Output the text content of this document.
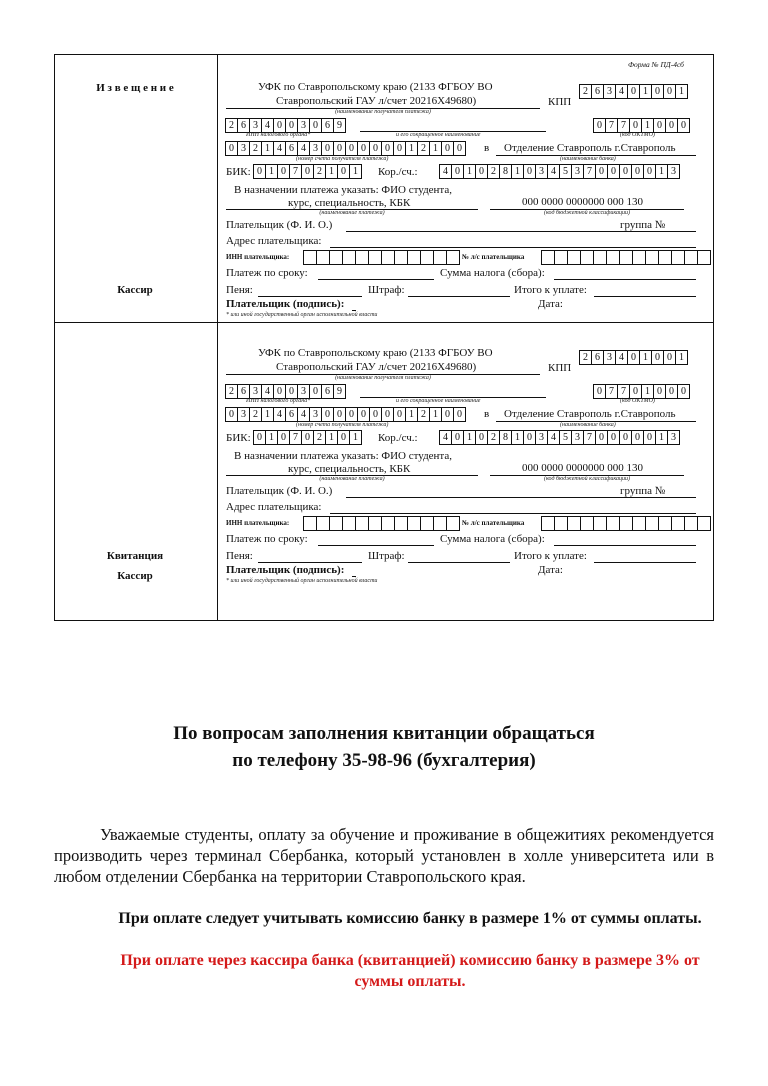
Форма № ПД-4сб
И з в е щ е н и е
Кассир
Квитанция
Кассир
УФК по Ставропольскому краю (2133 ФГБОУ ВО
Ставропольский ГАУ л/счет 20216Х49680)
(наименование получателя платежа)
КПП
2 6 3 4 0 1 0 0 1
2 6 3 4 0 0 3 0 6 9
ИНН налогового органа*	и его сокращенное наименование
0 7 7 0 1 0 0 0
(код ОКТМО)
0 3 2 1 4 6 4 3 0 0 0 0 0 0 0 1 2 1 0 0	в Отделение Ставрополь г.Ставрополь
(номер счета получателя платежа)	(наименование банка)
БИК: 0 1 0 7 0 2 1 0 1	Кор./сч.:	4 0 1 0 2 8 1 0 3 4 5 3 7 0 0 0 0 0 1 3
В назначении платежа указать: ФИО студента,
курс, специальность, КБК	000 0000 0000000 000 130
(наименование платежа)	(код бюджетной классификации)
Плательщик (Ф. И. О.)	группа №
Адрес плательщика:
ИНН плательщика:	№ л/с плательщика
Платеж по сроку:	Сумма налога (сбора):
Пеня:	Штраф:	Итого к уплате:
Плательщик (подпись):	Дата:
* или иной государственный орган исполнительной власти
УФК по Ставропольскому краю (2133 ФГБОУ ВО
Ставропольский ГАУ л/счет 20216Х49680)
(наименование получателя платежа)
КПП
2 6 3 4 0 1 0 0 1
2 6 3 4 0 0 3 0 6 9
ИНН налогового органа*	и его сокращенное наименование
0 7 7 0 1 0 0 0
(код ОКТМО)
0 3 2 1 4 6 4 3 0 0 0 0 0 0 0 1 2 1 0 0	в Отделение Ставрополь г.Ставрополь
(номер счета получателя платежа)	(наименование банка)
БИК: 0 1 0 7 0 2 1 0 1	Кор./сч.:	4 0 1 0 2 8 1 0 3 4 5 3 7 0 0 0 0 0 1 3
В назначении платежа указать: ФИО студента,
курс, специальность, КБК	000 0000 0000000 000 130
(наименование платежа)	(код бюджетной классификации)
Плательщик (Ф. И. О.)	группа №
Адрес плательщика:
ИНН плательщика:	№ л/с плательщика
Платеж по сроку:	Сумма налога (сбора):
Пеня:	Штраф:	Итого к уплате:
Плательщик (подпись):	Дата:
* или иной государственный орган исполнительной власти
По вопросам заполнения квитанции обращаться
по телефону 35-98-96 (бухгалтерия)
Уважаемые студенты, оплату за обучение и проживание в общежитиях рекомендуется производить через терминал Сбербанка, который установлен в холле университета или в любом отделении Сбербанка на территории Ставропольского края.
При оплате следует учитывать комиссию банку в размере 1% от суммы оплаты.
При оплате через кассира банка (квитанцией) комиссию банку в размере 3% от суммы оплаты.
